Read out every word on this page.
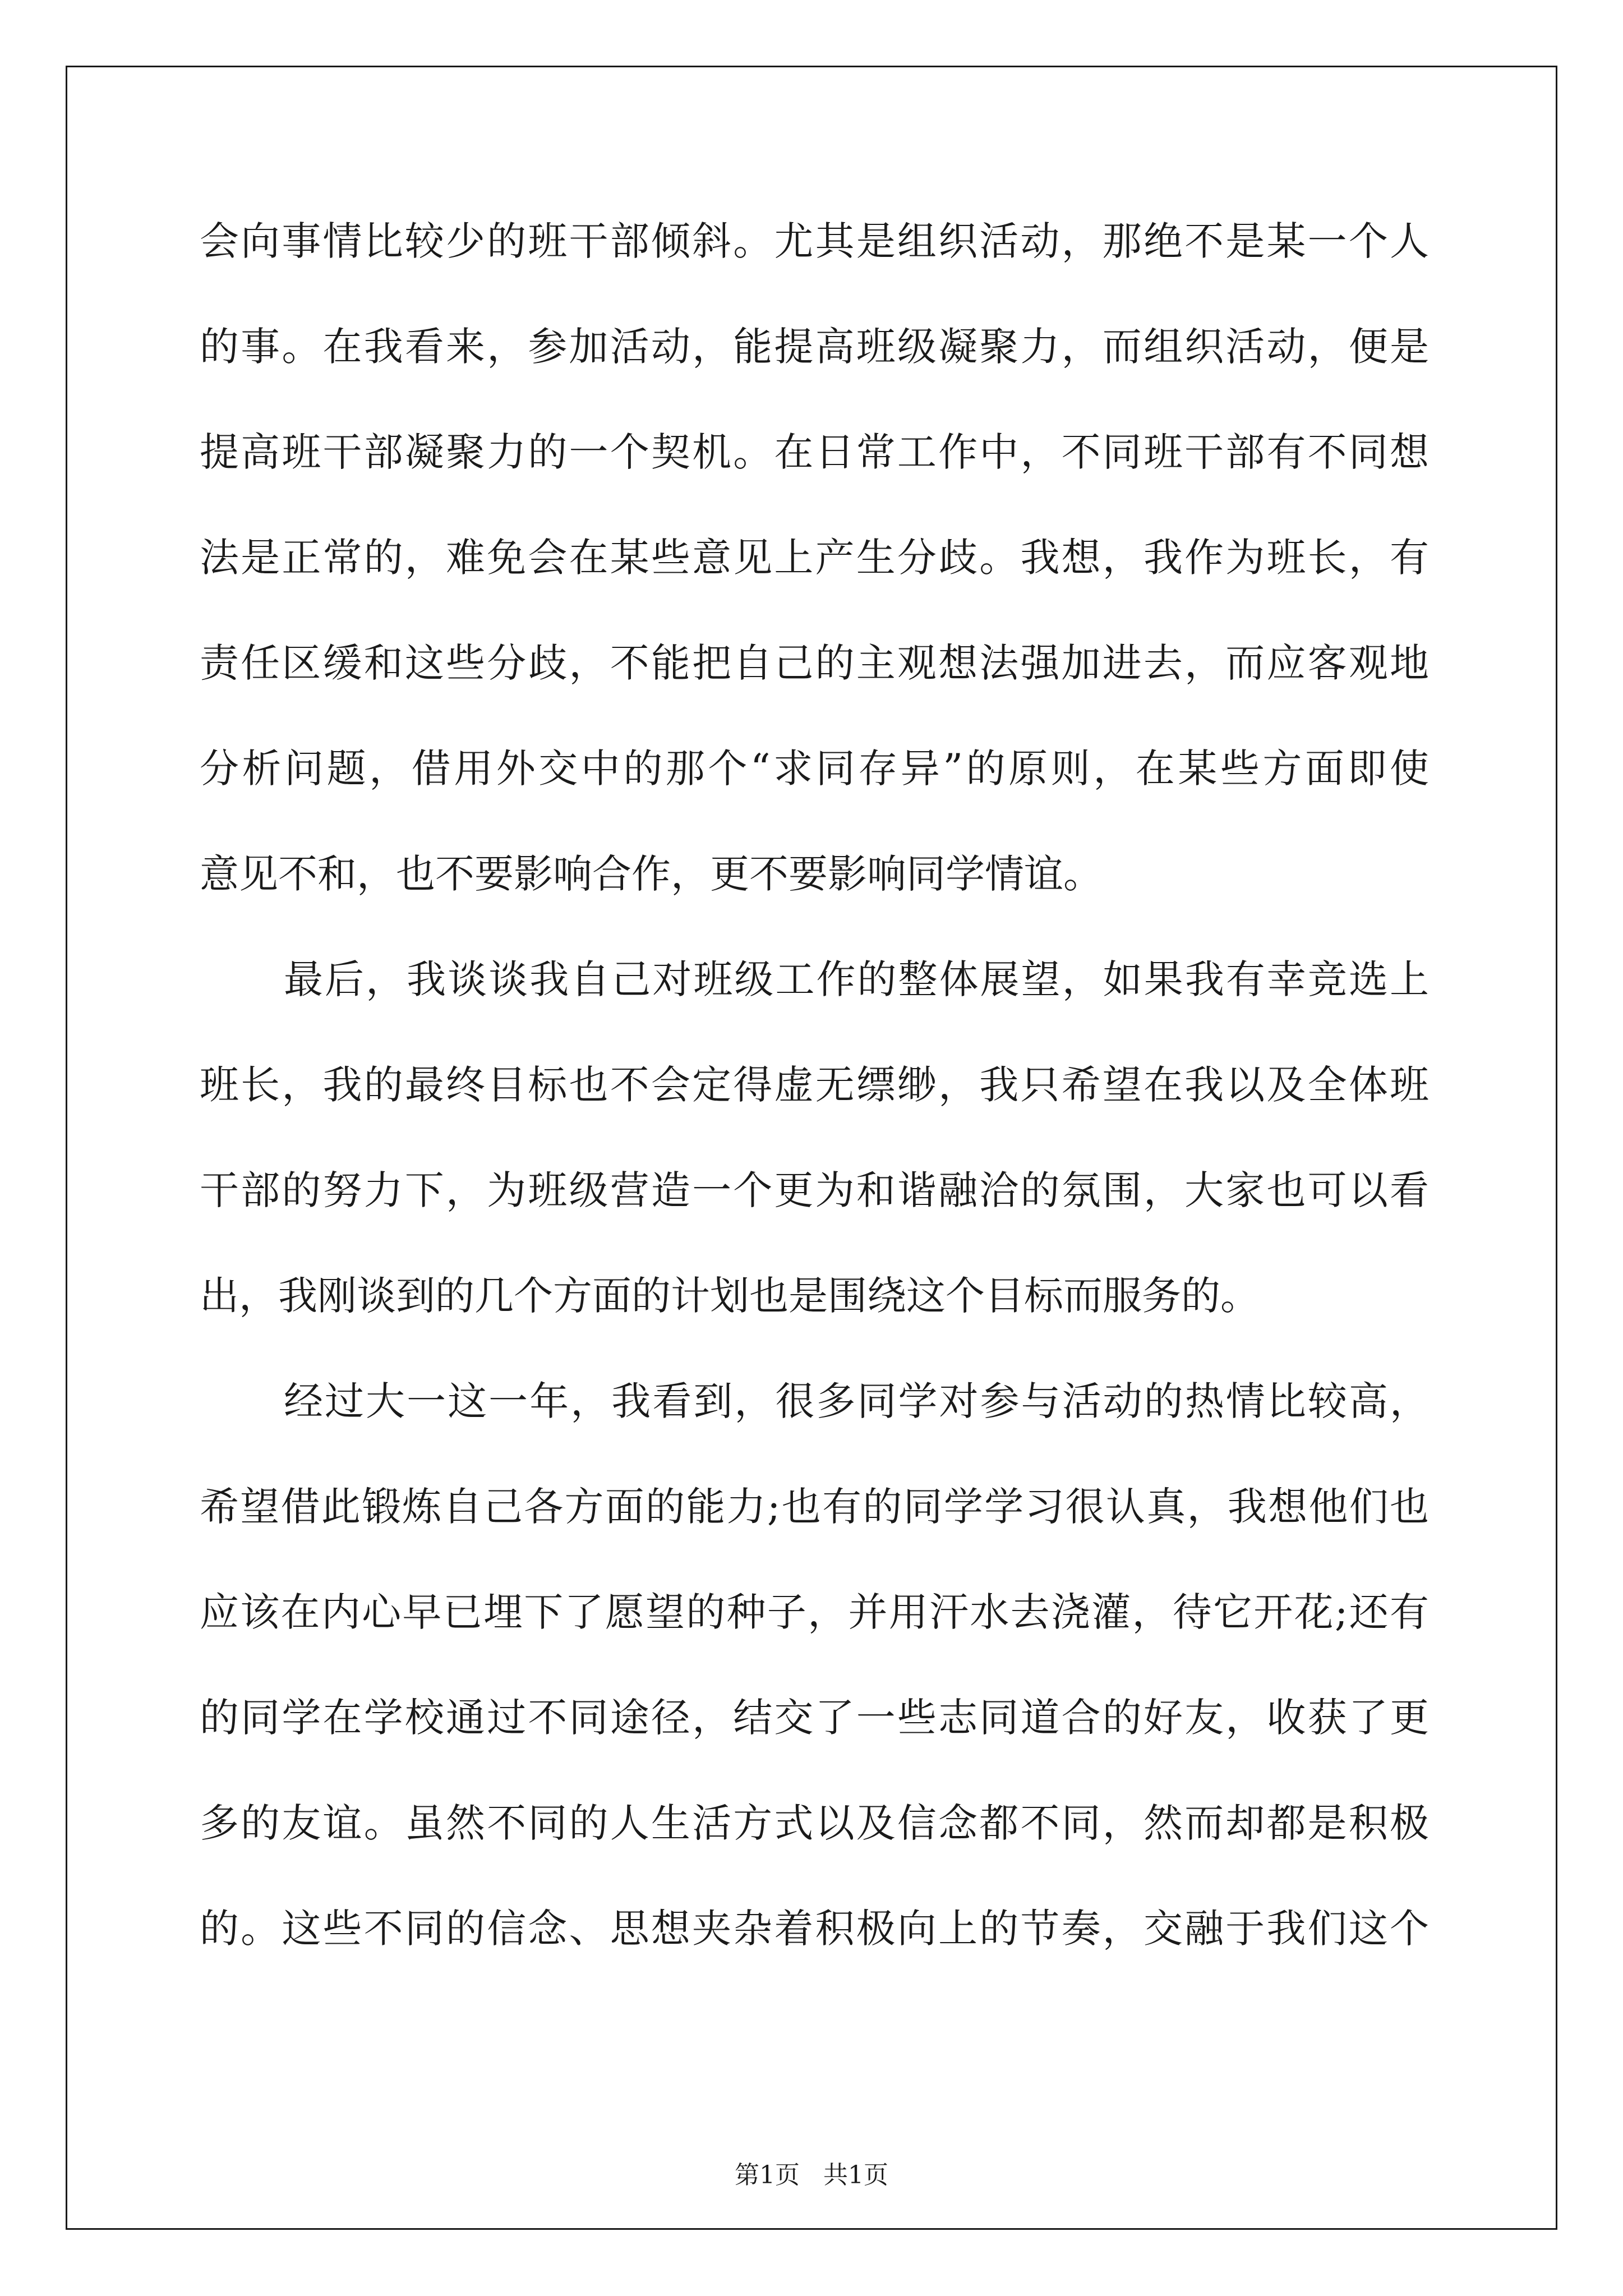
会向事情比较少的班干部倾斜。尤其是组织活动，那绝不是某一个人
的事。在我看来，参加活动，能提高班级凝聚力，而组织活动，便是
提高班干部凝聚力的一个契机。在日常工作中，不同班干部有不同想
法是正常的，难免会在某些意见上产生分歧。我想，我作为班长，有
责任区缓和这些分歧，不能把自己的主观想法强加进去，而应客观地
分析问题，借用外交中的那个“求同存异”的原则，在某些方面即使
意见不和，也不要影响合作，更不要影响同学情谊。
最后，我谈谈我自己对班级工作的整体展望，如果我有幸竞选上
班长，我的最终目标也不会定得虚无缥缈，我只希望在我以及全体班
干部的努力下，为班级营造一个更为和谐融洽的氛围，大家也可以看
出，我刚谈到的几个方面的计划也是围绕这个目标而服务的。
经过大一这一年，我看到，很多同学对参与活动的热情比较高，
希望借此锻炼自己各方面的能力;也有的同学学习很认真，我想他们也
应该在内心早已埋下了愿望的种子，并用汗水去浇灌，待它开花;还有
的同学在学校通过不同途径，结交了一些志同道合的好友，收获了更
多的友谊。虽然不同的人生活方式以及信念都不同，然而却都是积极
的。这些不同的信念、思想夹杂着积极向上的节奏，交融于我们这个
第1页 共1页
